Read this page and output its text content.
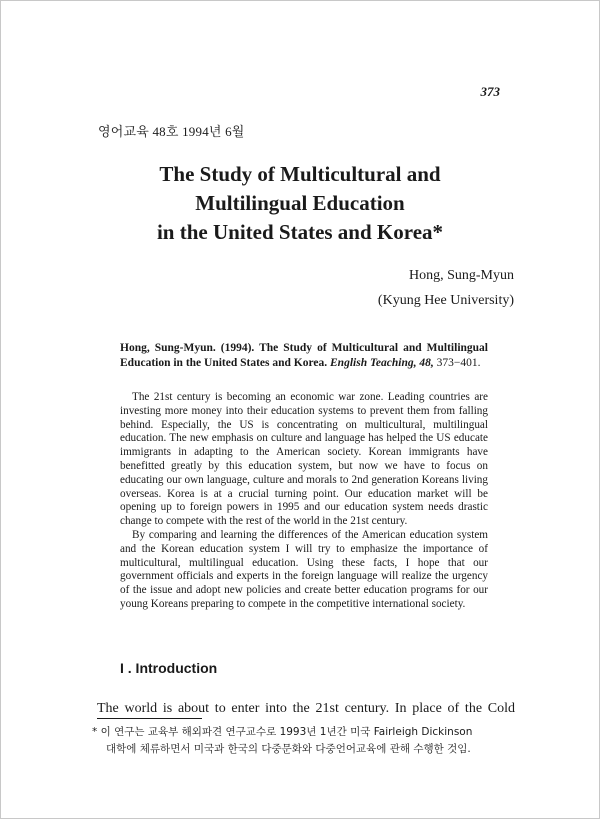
373
영어교육 48호 1994년 6월
The Study of Multicultural and
Multilingual Education
in the United States and Korea*
Hong, Sung-Myun
(Kyung Hee University)

Hong, Sung-Myun. (1994). The Study of Multicultural and Multilingual Education in the United States and Korea. English Teaching, 48, 373−401.

The 21st century is becoming an economic war zone. Leading countries are investing more money into their education systems to prevent them from falling behind. Especially, the US is concentrating on multicultural, multilingual education. The new emphasis on culture and language has helped the US educate immigrants in adapting to the American society. Korean immigrants have benefitted greatly by this education system, but now we have to focus on educating our own language, culture and morals to 2nd generation Koreans living overseas. Korea is at a crucial turning point. Our education market will be opening up to foreign powers in 1995 and our education system needs drastic change to compete with the rest of the world in the 21st century.

By comparing and learning the differences of the American education system and the Korean education system I will try to emphasize the importance of multicultural, multilingual education. Using these facts, I hope that our government officials and experts in the foreign language will realize the urgency of the issue and adopt new policies and create better education programs for our young Koreans preparing to compete in the competitive international society.

I . Introduction

The world is about to enter into the 21st century. In place of the Cold

* 이 연구는 교육부 해외파견 연구교수로 1993년 1년간 미국 Fairleigh Dickinson
대학에 체류하면서 미국과 한국의 다중문화와 다중언어교육에 관해 수행한 것임.
